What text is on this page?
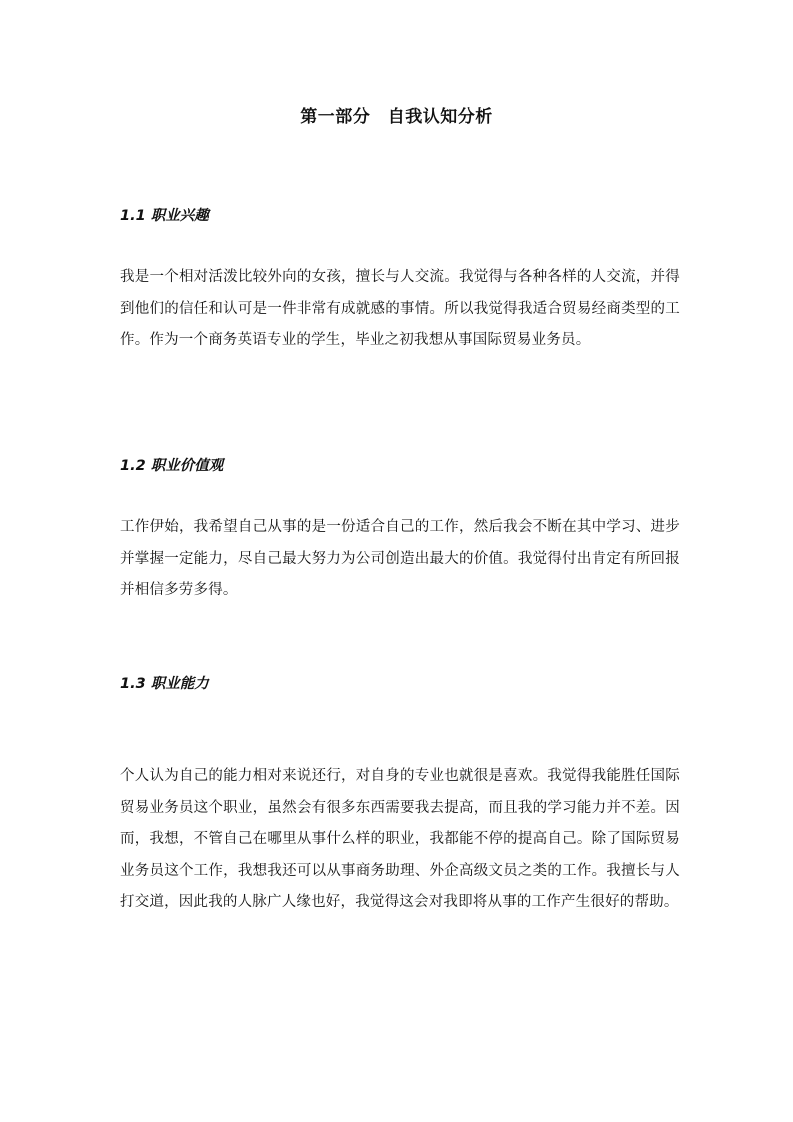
第一部分　自我认知分析
1.1 职业兴趣

我是一个相对活泼比较外向的女孩，擅长与人交流。我觉得与各种各样的人交流，并得到他们的信任和认可是一件非常有成就感的事情。所以我觉得我适合贸易经商类型的工作。作为一个商务英语专业的学生，毕业之初我想从事国际贸易业务员。

1.2 职业价值观

工作伊始，我希望自己从事的是一份适合自己的工作，然后我会不断在其中学习、进步并掌握一定能力，尽自己最大努力为公司创造出最大的价值。我觉得付出肯定有所回报并相信多劳多得。

1.3 职业能力

个人认为自己的能力相对来说还行，对自身的专业也就很是喜欢。我觉得我能胜任国际贸易业务员这个职业，虽然会有很多东西需要我去提高，而且我的学习能力并不差。因而，我想，不管自己在哪里从事什么样的职业，我都能不停的提高自己。除了国际贸易业务员这个工作，我想我还可以从事商务助理、外企高级文员之类的工作。我擅长与人打交道，因此我的人脉广人缘也好，我觉得这会对我即将从事的工作产生很好的帮助。
